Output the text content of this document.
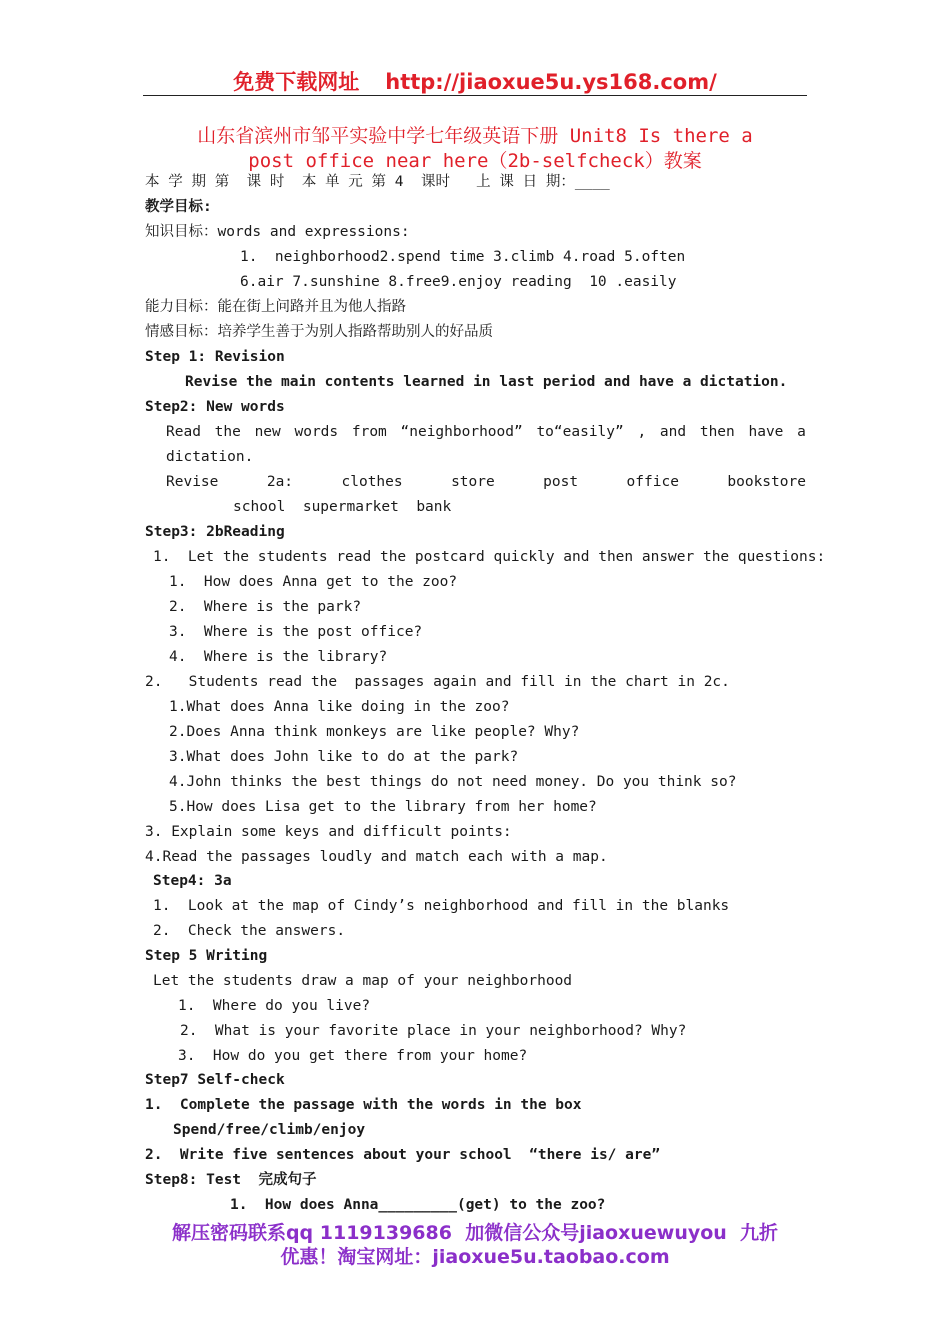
免费下载网址 http://jiaoxue5u.ys168.com/
山东省滨州市邹平实验中学七年级英语下册 Unit8 Is there a
post office near here（2b-selfcheck）教案
本 学 期 第  课 时  本 单 元 第 4  课时   上 课 日 期：____
教学目标:
知识目标：words and expressions:
1.  neighborhood2.spend time 3.climb 4.road 5.often
6.air 7.sunshine 8.free9.enjoy reading  10 .easily
能力目标：能在街上问路并且为他人指路
情感目标：培养学生善于为别人指路帮助别人的好品质
Step 1: Revision
Revise the main contents learned in last period and have a dictation.
Step2: New words
Read the new words from “neighborhood” to“easily” , and then have a
dictation.
Revise	2a:	clothes	store	post	office	bookstore
school  supermarket  bank
Step3: 2bReading
1.  Let the students read the postcard quickly and then answer the questions:
1.  How does Anna get to the zoo?
2.  Where is the park?
3.  Where is the post office?
4.  Where is the library?
2.   Students read the  passages again and fill in the chart in 2c.
1.What does Anna like doing in the zoo?
2.Does Anna think monkeys are like people? Why?
3.What does John like to do at the park?
4.John thinks the best things do not need money. Do you think so?
5.How does Lisa get to the library from her home?
3. Explain some keys and difficult points:
4.Read the passages loudly and match each with a map.
Step4: 3a
1.  Look at the map of Cindy’s neighborhood and fill in the blanks
2.  Check the answers.
Step 5 Writing
Let the students draw a map of your neighborhood
1.  Where do you live?
2.  What is your favorite place in your neighborhood? Why?
3.  How do you get there from your home?
Step7 Self-check
1.  Complete the passage with the words in the box
Spend/free/climb/enjoy
2.  Write five sentences about your school  “there is/ are”
Step8: Test  完成句子
1.  How does Anna_________(get) to the zoo?
解压密码联系qq 1119139686  加微信公众号jiaoxuewuyou  九折
优惠！淘宝网址：jiaoxue5u.taobao.com
